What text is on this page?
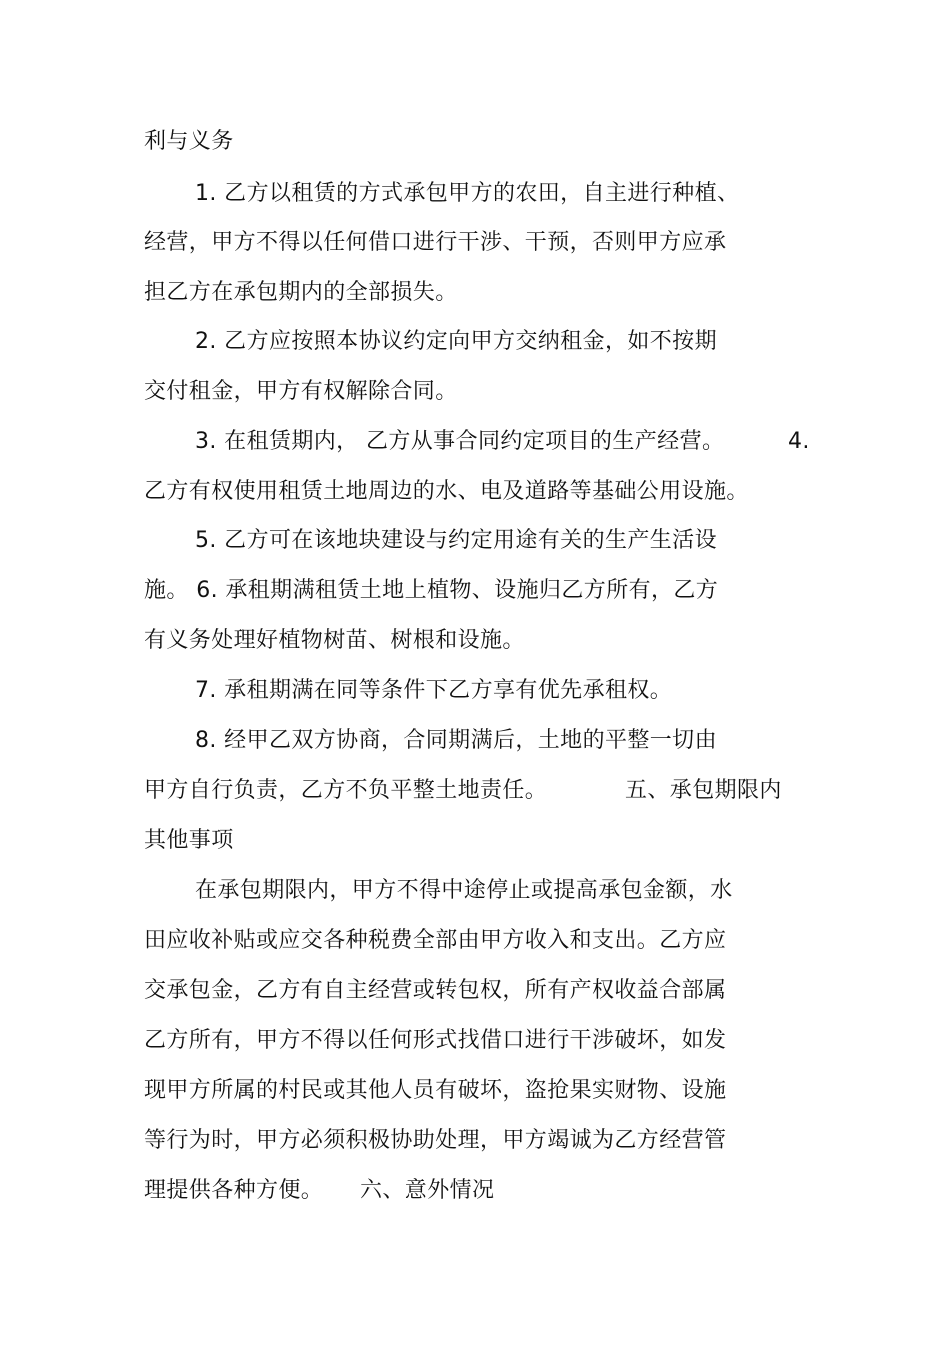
利与义务
1. 乙方以租赁的方式承包甲方的农田，自主进行种植、
经营，甲方不得以任何借口进行干涉、干预，否则甲方应承
担乙方在承包期内的全部损失。
2. 乙方应按照本协议约定向甲方交纳租金，如不按期
交付租金，甲方有权解除合同。
3. 在租赁期内， 乙方从事合同约定项目的生产经营。	4.
乙方有权使用租赁土地周边的水、电及道路等基础公用设施。
5. 乙方可在该地块建设与约定用途有关的生产生活设
施。 6. 承租期满租赁土地上植物、设施归乙方所有，乙方
有义务处理好植物树苗、树根和设施。
7. 承租期满在同等条件下乙方享有优先承租权。
8. 经甲乙双方协商，合同期满后，土地的平整一切由
甲方自行负责，乙方不负平整土地责任。	五、承包期限内
其他事项
在承包期限内，甲方不得中途停止或提高承包金额，水
田应收补贴或应交各种税费全部由甲方收入和支出。乙方应
交承包金，乙方有自主经营或转包权，所有产权收益合部属
乙方所有，甲方不得以任何形式找借口进行干涉破坏，如发
现甲方所属的村民或其他人员有破坏，盗抢果实财物、设施
等行为时，甲方必须积极协助处理，甲方竭诚为乙方经营管
理提供各种方便。 六、意外情况
